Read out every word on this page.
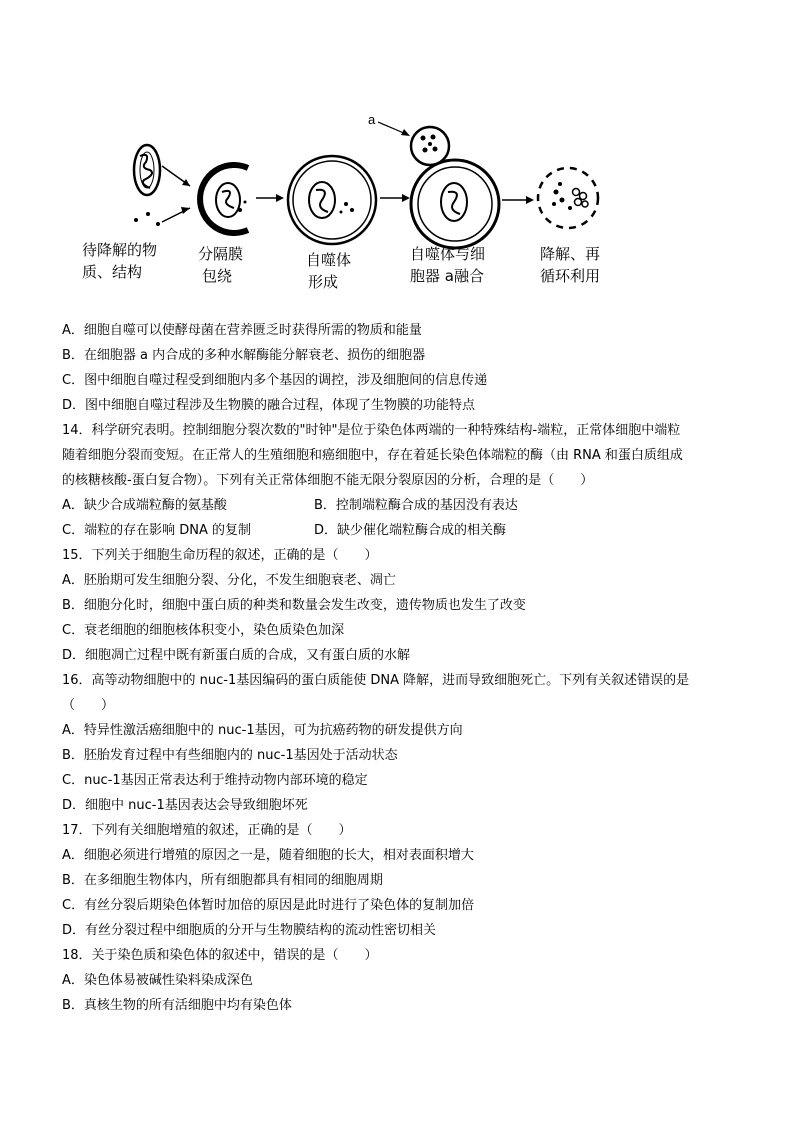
a
待降解的物
质、结构
分隔膜
包绕
自噬体
形成
自噬体与细
胞器 a融合
降解、再
循环利用
A．细胞自噬可以使酵母菌在营养匮乏时获得所需的物质和能量
B．在细胞器 a 内合成的多种水解酶能分解衰老、损伤的细胞器
C．图中细胞自噬过程受到细胞内多个基因的调控，涉及细胞间的信息传递
D．图中细胞自噬过程涉及生物膜的融合过程，体现了生物膜的功能特点
14．科学研究表明。控制细胞分裂次数的"时钟"是位于染色体两端的一种特殊结构-端粒，正常体细胞中端粒
随着细胞分裂而变短。在正常人的生殖细胞和癌细胞中，存在着延长染色体端粒的酶（由 RNA 和蛋白质组成
的核糖核酸-蛋白复合物）。下列有关正常体细胞不能无限分裂原因的分析，合理的是（　　）
A．缺少合成端粒酶的氨基酸	B．控制端粒酶合成的基因没有表达
C．端粒的存在影响 DNA 的复制	D．缺少催化端粒酶合成的相关酶
15．下列关于细胞生命历程的叙述，正确的是（　　）
A．胚胎期可发生细胞分裂、分化，不发生细胞衰老、凋亡
B．细胞分化时，细胞中蛋白质的种类和数量会发生改变，遗传物质也发生了改变
C．衰老细胞的细胞核体积变小，染色质染色加深
D．细胞凋亡过程中既有新蛋白质的合成，又有蛋白质的水解
16．高等动物细胞中的 nuc-1基因编码的蛋白质能使 DNA 降解，进而导致细胞死亡。下列有关叙述错误的是
（　　）
A．特异性激活癌细胞中的 nuc-1基因，可为抗癌药物的研发提供方向
B．胚胎发育过程中有些细胞内的 nuc-1基因处于活动状态
C．nuc-1基因正常表达利于维持动物内部环境的稳定
D．细胞中 nuc-1基因表达会导致细胞坏死
17．下列有关细胞增殖的叙述，正确的是（　　）
A．细胞必须进行增殖的原因之一是，随着细胞的长大，相对表面积增大
B．在多细胞生物体内，所有细胞都具有相同的细胞周期
C．有丝分裂后期染色体暂时加倍的原因是此时进行了染色体的复制加倍
D．有丝分裂过程中细胞质的分开与生物膜结构的流动性密切相关
18．关于染色质和染色体的叙述中，错误的是（　　）
A．染色体易被碱性染料染成深色
B．真核生物的所有活细胞中均有染色体
